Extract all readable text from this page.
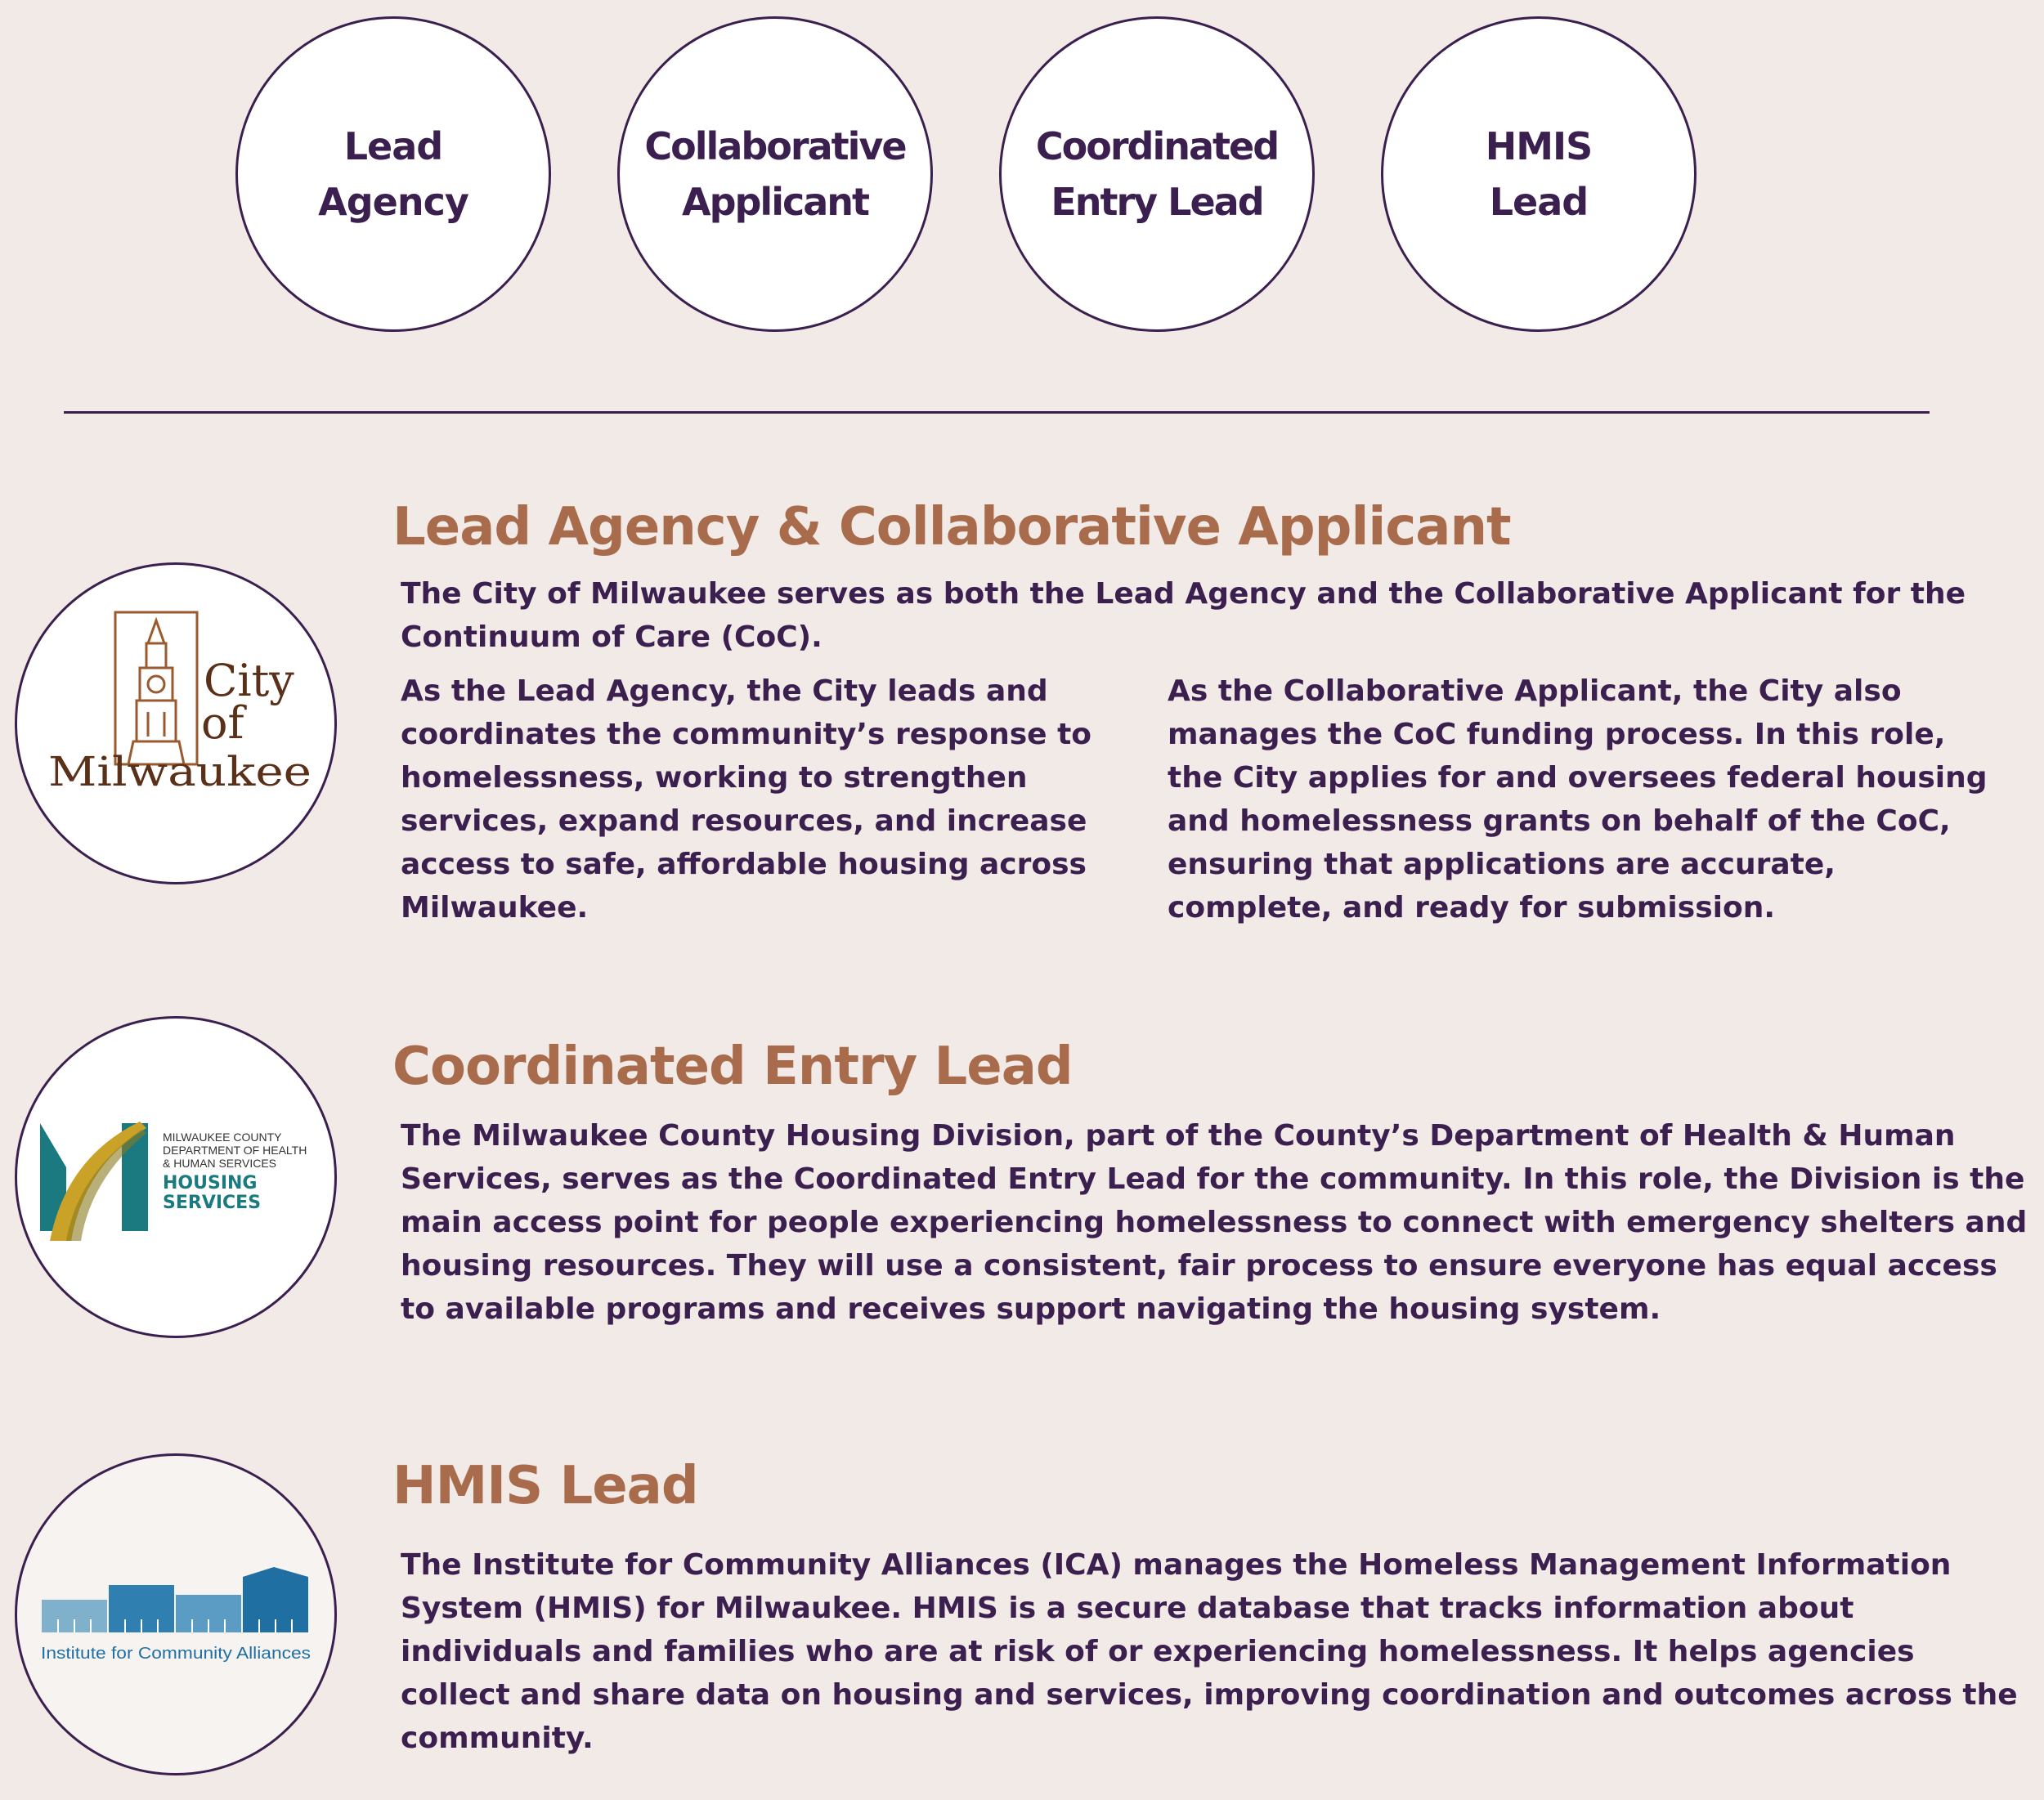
Lead
Agency
Collaborative
Applicant
Coordinated
Entry Lead
HMIS
Lead
City
of
Milwaukee
Lead Agency & Collaborative Applicant
The City of Milwaukee serves as both the Lead Agency and the Collaborative Applicant for the Continuum of Care (CoC).
As the Lead Agency, the City leads and coordinates the community’s response to homelessness, working to strengthen services, expand resources, and increase access to safe, affordable housing across Milwaukee.
As the Collaborative Applicant, the City also manages the CoC funding process. In this role, the City applies for and oversees federal housing and homelessness grants on behalf of the CoC, ensuring that applications are accurate, complete, and ready for submission.
MILWAUKEE COUNTY
DEPARTMENT OF HEALTH
& HUMAN SERVICES
HOUSING
SERVICES
Coordinated Entry Lead
The Milwaukee County Housing Division, part of the County’s Department of Health & Human Services, serves as the Coordinated Entry Lead for the community. In this role, the Division is the main access point for people experiencing homelessness to connect with emergency shelters and housing resources. They will use a consistent, fair process to ensure everyone has equal access to available programs and receives support navigating the housing system.
Institute for Community Alliances
HMIS Lead
The Institute for Community Alliances (ICA) manages the Homeless Management Information System (HMIS) for Milwaukee. HMIS is a secure database that tracks information about individuals and families who are at risk of or experiencing homelessness. It helps agencies collect and share data on housing and services, improving coordination and outcomes across the community.
